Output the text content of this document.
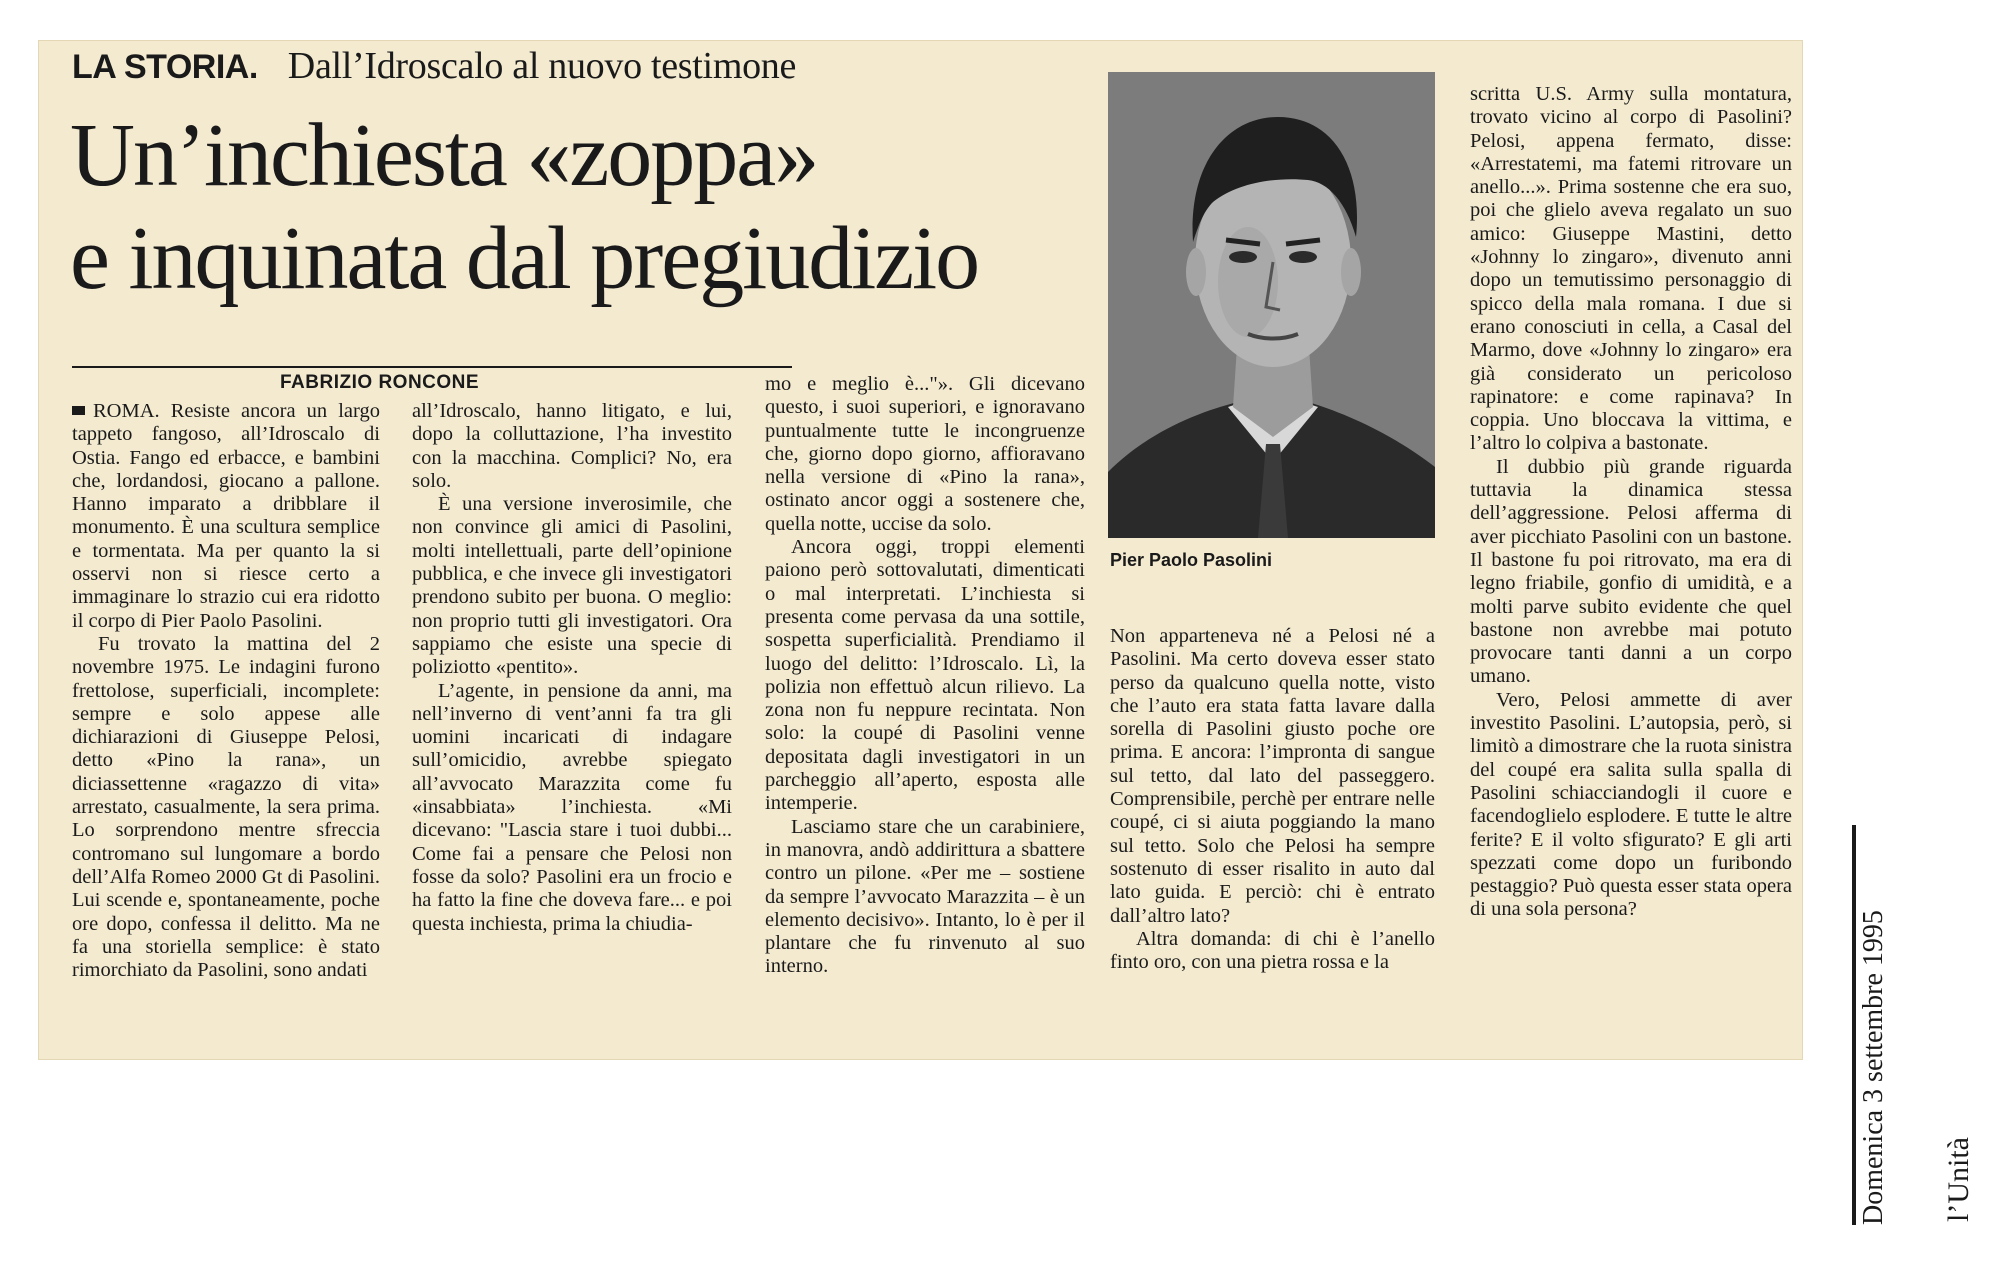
LA STORIA. Dall’Idroscalo al nuovo testimone
Un’inchiesta «zoppa»
e inquinata dal pregiudizio
FABRIZIO RONCONE

ROMA. Resiste ancora un largo tappeto fangoso, all’Idroscalo di Ostia. Fango ed erbacce, e bambini che, lordandosi, giocano a pallone. Hanno imparato a dribblare il monumento. È una scultura semplice e tormentata. Ma per quanto la si osservi non si riesce certo a immaginare lo strazio cui era ridotto il corpo di Pier Paolo Pasolini.

Fu trovato la mattina del 2 novembre 1975. Le indagini furono frettolose, superficiali, incomplete: sempre e solo appese alle dichiarazioni di Giuseppe Pelosi, detto «Pino la rana», un diciassettenne «ragazzo di vita» arrestato, casualmente, la sera prima. Lo sorprendono mentre sfreccia contromano sul lungomare a bordo dell’Alfa Romeo 2000 Gt di Pasolini. Lui scende e, spontaneamente, poche ore dopo, confessa il delitto. Ma ne fa una storiella semplice: è stato rimorchiato da Pasolini, sono andati

all’Idroscalo, hanno litigato, e lui, dopo la colluttazione, l’ha investito con la macchina. Complici? No, era solo.

È una versione inverosimile, che non convince gli amici di Pasolini, molti intellettuali, parte dell’opinione pubblica, e che invece gli investigatori prendono subito per buona. O meglio: non proprio tutti gli investigatori. Ora sappiamo che esiste una specie di poliziotto «pentito».

L’agente, in pensione da anni, ma nell’inverno di vent’anni fa tra gli uomini incaricati di indagare sull’omicidio, avrebbe spiegato all’avvocato Marazzita come fu «insabbiata» l’inchiesta. «Mi dicevano: "Lascia stare i tuoi dubbi... Come fai a pensare che Pelosi non fosse da solo? Pasolini era un frocio e ha fatto la fine che doveva fare... e poi questa inchiesta, prima la chiudia-

mo e meglio è..."». Gli dicevano questo, i suoi superiori, e ignoravano puntualmente tutte le incongruenze che, giorno dopo giorno, affioravano nella versione di «Pino la rana», ostinato ancor oggi a sostenere che, quella notte, uccise da solo.

Ancora oggi, troppi elementi paiono però sottovalutati, dimenticati o mal interpretati. L’inchiesta si presenta come pervasa da una sottile, sospetta superficialità. Prendiamo il luogo del delitto: l’Idroscalo. Lì, la polizia non effettuò alcun rilievo. La zona non fu neppure recintata. Non solo: la coupé di Pasolini venne depositata dagli investigatori in un parcheggio all’aperto, esposta alle intemperie.

Lasciamo stare che un carabiniere, in manovra, andò addirittura a sbattere contro un pilone. «Per me – sostiene da sempre l’avvocato Marazzita – è un elemento decisivo». Intanto, lo è per il plantare che fu rinvenuto al suo interno.

Pier Paolo Pasolini

Non apparteneva né a Pelosi né a Pasolini. Ma certo doveva esser stato perso da qualcuno quella notte, visto che l’auto era stata fatta lavare dalla sorella di Pasolini giusto poche ore prima. E ancora: l’impronta di sangue sul tetto, dal lato del passeggero. Comprensibile, perchè per entrare nelle coupé, ci si aiuta poggiando la mano sul tetto. Solo che Pelosi ha sempre sostenuto di esser risalito in auto dal lato guida. E perciò: chi è entrato dall’altro lato?

Altra domanda: di chi è l’anello finto oro, con una pietra rossa e la

scritta U.S. Army sulla montatura, trovato vicino al corpo di Pasolini? Pelosi, appena fermato, disse: «Arrestatemi, ma fatemi ritrovare un anello...». Prima sostenne che era suo, poi che glielo aveva regalato un suo amico: Giuseppe Mastini, detto «Johnny lo zingaro», divenuto anni dopo un temutissimo personaggio di spicco della mala romana. I due si erano conosciuti in cella, a Casal del Marmo, dove «Johnny lo zingaro» era già considerato un pericoloso rapinatore: e come rapinava? In coppia. Uno bloccava la vittima, e l’altro lo colpiva a bastonate.

Il dubbio più grande riguarda tuttavia la dinamica stessa dell’aggressione. Pelosi afferma di aver picchiato Pasolini con un bastone. Il bastone fu poi ritrovato, ma era di legno friabile, gonfio di umidità, e a molti parve subito evidente che quel bastone non avrebbe mai potuto provocare tanti danni a un corpo umano.

Vero, Pelosi ammette di aver investito Pasolini. L’autopsia, però, si limitò a dimostrare che la ruota sinistra del coupé era salita sulla spalla di Pasolini schiacciandogli il cuore e facendoglielo esplodere. E tutte le altre ferite? E il volto sfigurato? E gli arti spezzati come dopo un furibondo pestaggio? Può questa esser stata opera di una sola persona?

Domenica 3 settembre 1995 l’Unità
